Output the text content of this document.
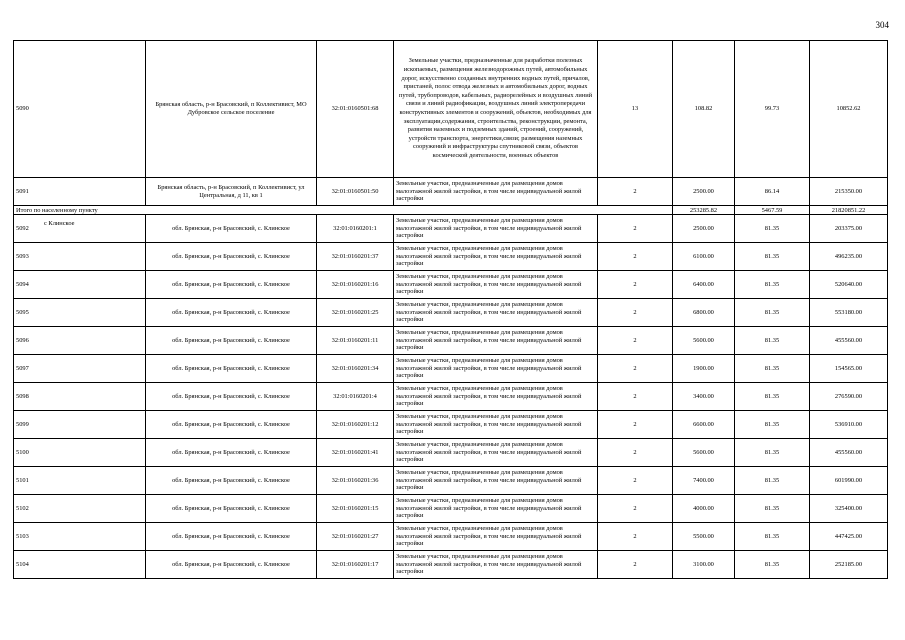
304
5090	Брянская область, р-н Брасовский, п Коллективист, МО Дубровское сельское поселение	32:01:0160501:68	Земельные участки, предназначенные для разработки полезных ископаемых, размещения железнодорожных путей, автомобильных дорог, искусственно созданных внутренних водных путей, причалов, пристаней, полос отвода железных и автомобильных дорог, водных путей, трубопроводов, кабельных, радиорелейных и воздушных линий связи и линий радиофикации, воздушных линий электропередачи конструктивных элементов и сооружений, объектов, необходимых для эксплуатации,содержания, строительства, реконструкции, ремонта, развития наземных и подземных зданий, строений, сооружений, устройств транспорта, энергетики,связи; размещения наземных сооружений и инфраструктуры спутниковой связи, объектов космической деятельности, военных объектов	13	108.82	99.73	10852.62
5091	Брянская область, р-н Брасовский, п Коллективист, ул Центральная, д 11, кв 1	32:01:0160501:50	Земельные участки, предназначенные для размещения домов малоэтажной жилой застройки, в том числе индивидуальной жилой застройки	2	2500.00	86.14	215350.00
Итого по населенному пункту					253285.82	5467.59	21820851.22
5092	обл. Брянская, р-н Брасовский, с. Клинское	32:01:0160201:1	Земельные участки, предназначенные для размещения домов малоэтажной жилой застройки, в том числе индивидуальной жилой застройки	2	2500.00	81.35	203375.00
5093	обл. Брянская, р-н Брасовский, с. Клинское	32:01:0160201:37	Земельные участки, предназначенные для размещения домов малоэтажной жилой застройки, в том числе индивидуальной жилой застройки	2	6100.00	81.35	496235.00
5094	обл. Брянская, р-н Брасовский, с. Клинское	32:01:0160201:16	Земельные участки, предназначенные для размещения домов малоэтажной жилой застройки, в том числе индивидуальной жилой застройки	2	6400.00	81.35	520640.00
5095	обл. Брянская, р-н Брасовский, с. Клинское	32:01:0160201:25	Земельные участки, предназначенные для размещения домов малоэтажной жилой застройки, в том числе индивидуальной жилой застройки	2	6800.00	81.35	553180.00
5096	обл. Брянская, р-н Брасовский, с. Клинское	32:01:0160201:11	Земельные участки, предназначенные для размещения домов малоэтажной жилой застройки, в том числе индивидуальной жилой застройки	2	5600.00	81.35	455560.00
5097	обл. Брянская, р-н Брасовский, с. Клинское	32:01:0160201:34	Земельные участки, предназначенные для размещения домов малоэтажной жилой застройки, в том числе индивидуальной жилой застройки	2	1900.00	81.35	154565.00
5098	обл. Брянская, р-н Брасовский, с. Клинское	32:01:0160201:4	Земельные участки, предназначенные для размещения домов малоэтажной жилой застройки, в том числе индивидуальной жилой застройки	2	3400.00	81.35	276590.00
5099	обл. Брянская, р-н Брасовский, с. Клинское	32:01:0160201:12	Земельные участки, предназначенные для размещения домов малоэтажной жилой застройки, в том числе индивидуальной жилой застройки	2	6600.00	81.35	536910.00
5100	обл. Брянская, р-н Брасовский, с. Клинское	32:01:0160201:41	Земельные участки, предназначенные для размещения домов малоэтажной жилой застройки, в том числе индивидуальной жилой застройки	2	5600.00	81.35	455560.00
5101	обл. Брянская, р-н Брасовский, с. Клинское	32:01:0160201:36	Земельные участки, предназначенные для размещения домов малоэтажной жилой застройки, в том числе индивидуальной жилой застройки	2	7400.00	81.35	601990.00
5102	обл. Брянская, р-н Брасовский, с. Клинское	32:01:0160201:15	Земельные участки, предназначенные для размещения домов малоэтажной жилой застройки, в том числе индивидуальной жилой застройки	2	4000.00	81.35	325400.00
5103	обл. Брянская, р-н Брасовский, с. Клинское	32:01:0160201:27	Земельные участки, предназначенные для размещения домов малоэтажной жилой застройки, в том числе индивидуальной жилой застройки	2	5500.00	81.35	447425.00
5104	обл. Брянская, р-н Брасовский, с. Клинское	32:01:0160201:17	Земельные участки, предназначенные для размещения домов малоэтажной жилой застройки, в том числе индивидуальной жилой застройки	2	3100.00	81.35	252185.00
с Клинское
